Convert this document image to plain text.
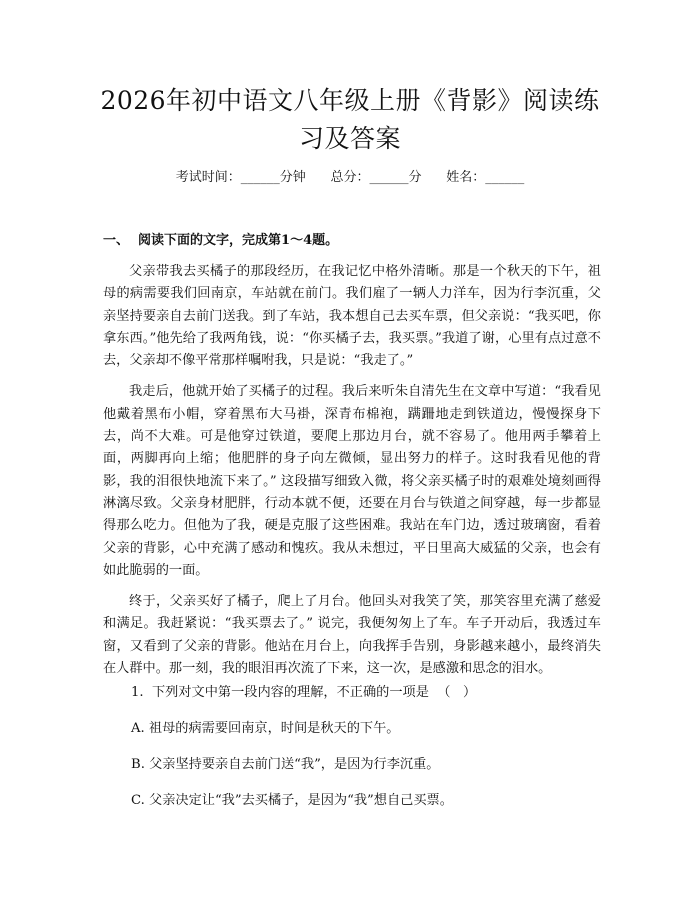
2026年初中语文八年级上册《背影》阅读练习及答案
考试时间：______分钟      总分：______分      姓名：______
一、  阅读下面的文字，完成第1～4题。

父亲带我去买橘子的那段经历，在我记忆中格外清晰。那是一个秋天的下午，祖母的病需要我们回南京，车站就在前门。我们雇了一辆人力洋车，因为行李沉重，父亲坚持要亲自去前门送我。到了车站，我本想自己去买车票，但父亲说：“我买吧，你拿东西。”他先给了我两角钱，说：“你买橘子去，我买票。”我道了谢，心里有点过意不去，父亲却不像平常那样嘱咐我，只是说：“我走了。”

我走后，他就开始了买橘子的过程。我后来听朱自清先生在文章中写道：“我看见他戴着黑布小帽，穿着黑布大马褂，深青布棉袍，蹒跚地走到铁道边，慢慢探身下去，尚不大难。可是他穿过铁道，要爬上那边月台，就不容易了。他用两手攀着上面，两脚再向上缩；他肥胖的身子向左微倾，显出努力的样子。这时我看见他的背影，我的泪很快地流下来了。” 这段描写细致入微，将父亲买橘子时的艰难处境刻画得淋漓尽致。父亲身材肥胖，行动本就不便，还要在月台与铁道之间穿越，每一步都显得那么吃力。但他为了我，硬是克服了这些困难。我站在车门边，透过玻璃窗，看着父亲的背影，心中充满了感动和愧疚。我从未想过，平日里高大威猛的父亲，也会有如此脆弱的一面。

终于，父亲买好了橘子，爬上了月台。他回头对我笑了笑，那笑容里充满了慈爱和满足。我赶紧说：“我买票去了。” 说完，我便匆匆上了车。车子开动后，我透过车窗，又看到了父亲的背影。他站在月台上，向我挥手告别，身影越来越小，最终消失在人群中。那一刻，我的眼泪再次流了下来，这一次，是感激和思念的泪水。

1.  下列对文中第一段内容的理解，不正确的一项是  （   ）
A. 祖母的病需要回南京，时间是秋天的下午。
B. 父亲坚持要亲自去前门送“我”，是因为行李沉重。
C. 父亲决定让“我”去买橘子，是因为“我”想自己买票。
